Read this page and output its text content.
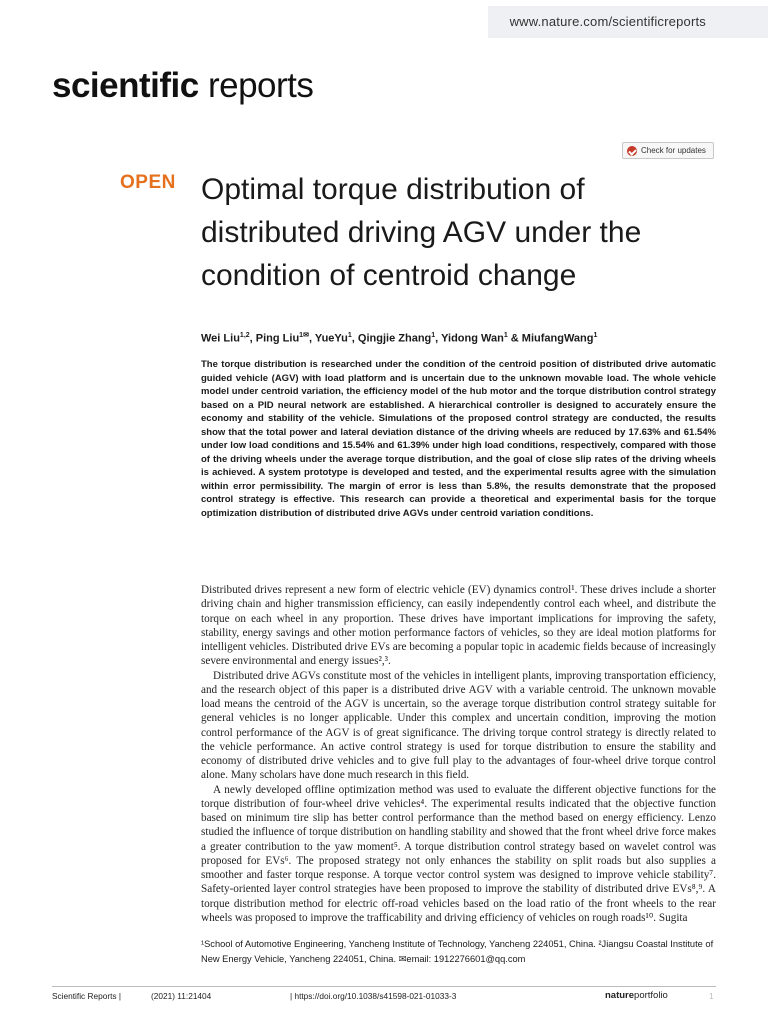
www.nature.com/scientificreports
scientific reports
Check for updates
OPEN Optimal torque distribution of distributed driving AGV under the condition of centroid change
Wei Liu$^{1,2}$, Ping Liu$^{1✉}$, YueYu$^1$, Qingjie Zhang$^1$, Yidong Wan$^1$ & MiufangWang$^1$
The torque distribution is researched under the condition of the centroid position of distributed drive automatic guided vehicle (AGV) with load platform and is uncertain due to the unknown movable load. The whole vehicle model under centroid variation, the efficiency model of the hub motor and the torque distribution control strategy based on a PID neural network are established. A hierarchical controller is designed to accurately ensure the economy and stability of the vehicle. Simulations of the proposed control strategy are conducted, the results show that the total power and lateral deviation distance of the driving wheels are reduced by 17.63% and 61.54% under low load conditions and 15.54% and 61.39% under high load conditions, respectively, compared with those of the driving wheels under the average torque distribution, and the goal of close slip rates of the driving wheels is achieved. A system prototype is developed and tested, and the experimental results agree with the simulation within error permissibility. The margin of error is less than 5.8%, the results demonstrate that the proposed control strategy is effective. This research can provide a theoretical and experimental basis for the torque optimization distribution of distributed drive AGVs under centroid variation conditions.

Distributed drives represent a new form of electric vehicle (EV) dynamics control¹. These drives include a shorter driving chain and higher transmission efficiency, can easily independently control each wheel, and distribute the torque on each wheel in any proportion. These drives have important implications for improving the safety, stability, energy savings and other motion performance factors of vehicles, so they are ideal motion platforms for intelligent vehicles. Distributed drive EVs are becoming a popular topic in academic fields because of increasingly severe environmental and energy issues²,³.

Distributed drive AGVs constitute most of the vehicles in intelligent plants, improving transportation efficiency, and the research object of this paper is a distributed drive AGV with a variable centroid. The unknown movable load means the centroid of the AGV is uncertain, so the average torque distribution control strategy suitable for general vehicles is no longer applicable. Under this complex and uncertain condition, improving the motion control performance of the AGV is of great significance. The driving torque control strategy is directly related to the vehicle performance. An active control strategy is used for torque distribution to ensure the stability and economy of distributed drive vehicles and to give full play to the advantages of four-wheel drive torque control alone. Many scholars have done much research in this field.

A newly developed offline optimization method was used to evaluate the different objective functions for the torque distribution of four-wheel drive vehicles⁴. The experimental results indicated that the objective function based on minimum tire slip has better control performance than the method based on energy efficiency. Lenzo studied the influence of torque distribution on handling stability and showed that the front wheel drive force makes a greater contribution to the yaw moment⁵. A torque distribution control strategy based on wavelet control was proposed for EVs⁶. The proposed strategy not only enhances the stability on split roads but also supplies a smoother and faster torque response. A torque vector control system was designed to improve vehicle stability⁷. Safety-oriented layer control strategies have been proposed to improve the stability of distributed drive EVs⁸,⁹. A torque distribution method for electric off-road vehicles based on the load ratio of the front wheels to the rear wheels was proposed to improve the trafficability and driving efficiency of vehicles on rough roads¹⁰. Sugita

¹School of Automotive Engineering, Yancheng Institute of Technology, Yancheng 224051, China. ²Jiangsu Coastal Institute of New Energy Vehicle, Yancheng 224051, China. ✉email: 1912276601@qq.com
Scientific Reports |	(2021) 11:21404	| https://doi.org/10.1038/s41598-021-01033-3	natureportfolio	1
